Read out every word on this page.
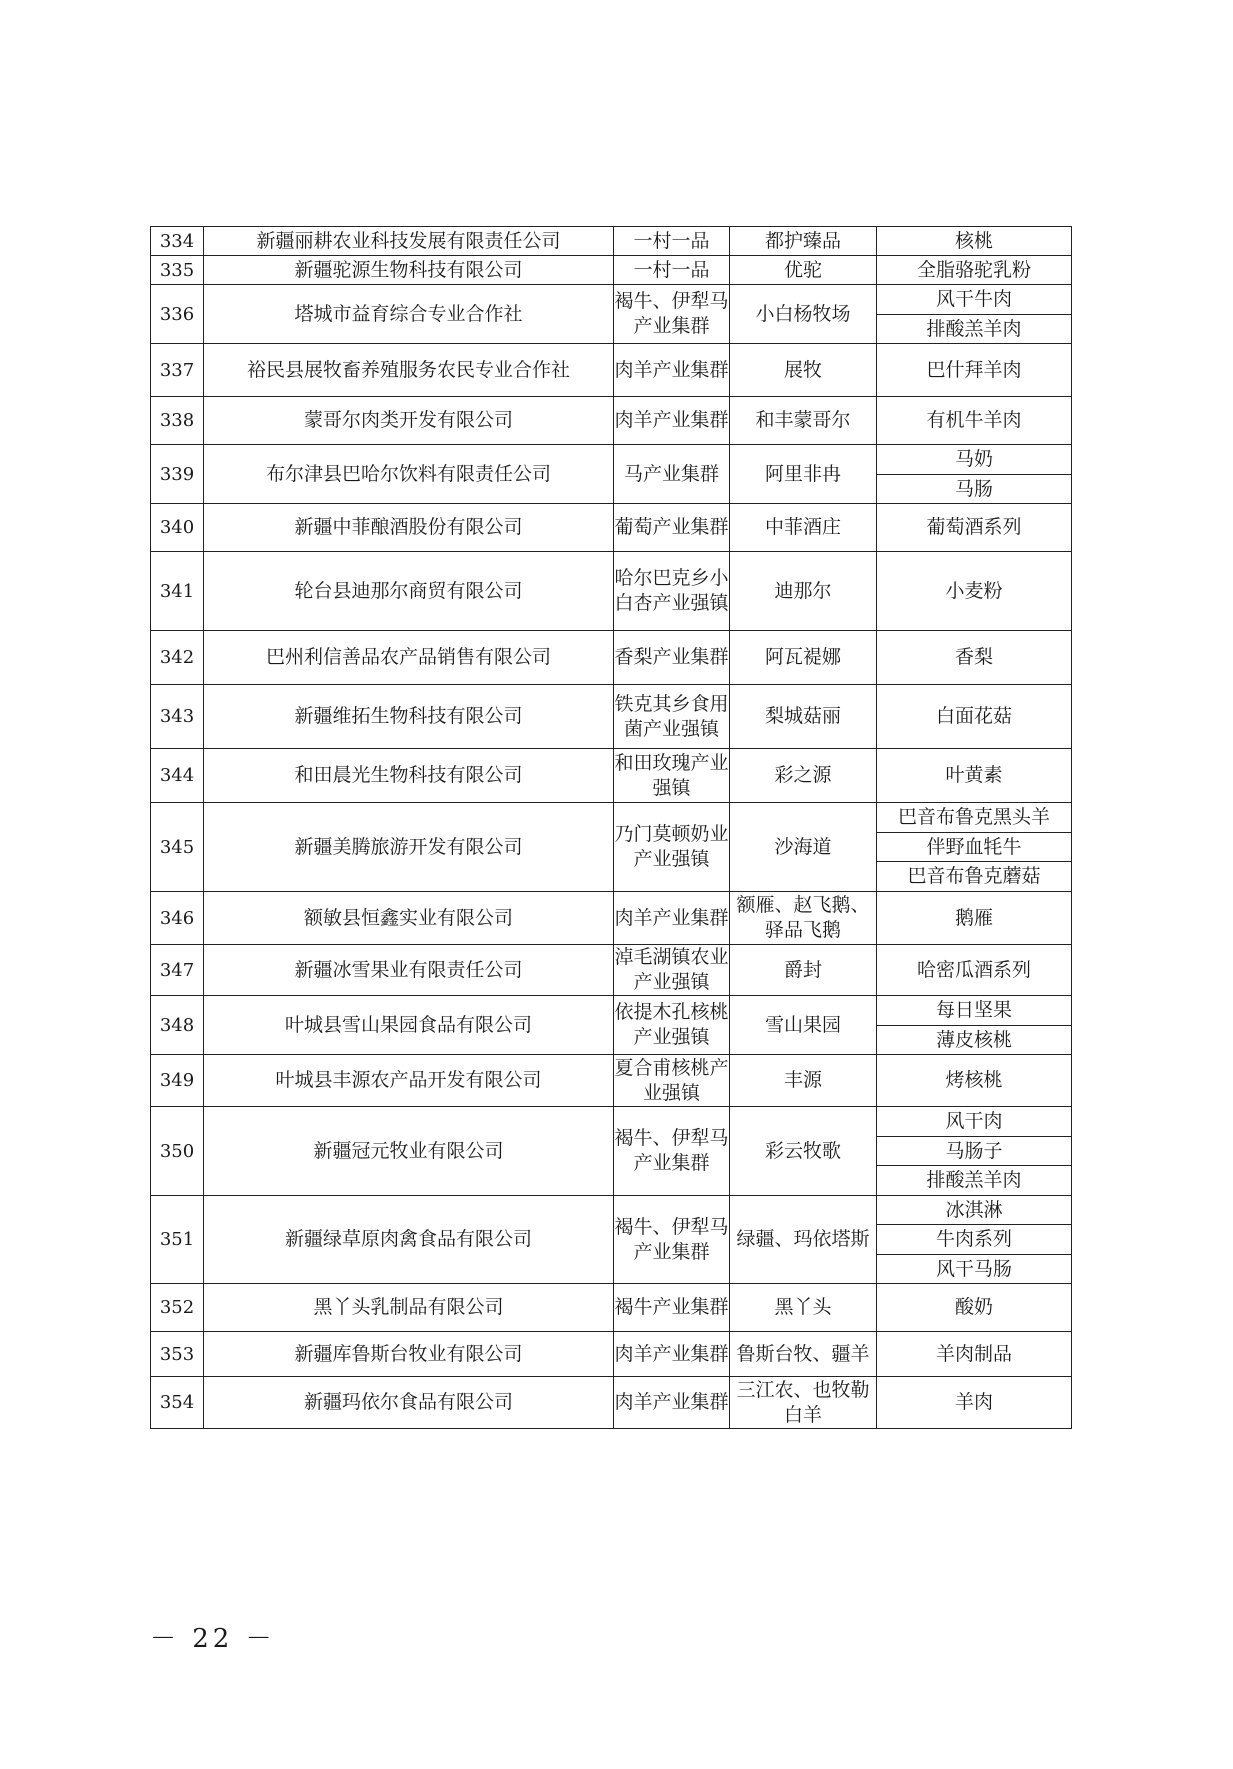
334	新疆丽耕农业科技发展有限责任公司	一村一品	都护臻品	核桃
335	新疆驼源生物科技有限公司	一村一品	优驼	全脂骆驼乳粉
336	塔城市益育综合专业合作社	褐牛、伊犁马产业集群	小白杨牧场	风干牛肉
				排酸羔羊肉
337	裕民县展牧畜养殖服务农民专业合作社	肉羊产业集群	展牧	巴什拜羊肉
338	蒙哥尔肉类开发有限公司	肉羊产业集群	和丰蒙哥尔	有机牛羊肉
339	布尔津县巴哈尔饮料有限责任公司	马产业集群	阿里非冉	马奶
				马肠
340	新疆中菲酿酒股份有限公司	葡萄产业集群	中菲酒庄	葡萄酒系列
341	轮台县迪那尔商贸有限公司	哈尔巴克乡小白杏产业强镇	迪那尔	小麦粉
342	巴州利信善品农产品销售有限公司	香梨产业集群	阿瓦褆娜	香梨
343	新疆维拓生物科技有限公司	铁克其乡食用菌产业强镇	梨城菇丽	白面花菇
344	和田晨光生物科技有限公司	和田玫瑰产业强镇	彩之源	叶黄素
345	新疆美腾旅游开发有限公司	乃门莫顿奶业产业强镇	沙海道	巴音布鲁克黑头羊
				伴野血牦牛
				巴音布鲁克蘑菇
346	额敏县恒鑫实业有限公司	肉羊产业集群	额雁、赵飞鹅、驿品飞鹅	鹅雁
347	新疆冰雪果业有限责任公司	淖毛湖镇农业产业强镇	爵封	哈密瓜酒系列
348	叶城县雪山果园食品有限公司	依提木孔核桃产业强镇	雪山果园	每日坚果
				薄皮核桃
349	叶城县丰源农产品开发有限公司	夏合甫核桃产业强镇	丰源	烤核桃
350	新疆冠元牧业有限公司	褐牛、伊犁马产业集群	彩云牧歌	风干肉
				马肠子
				排酸羔羊肉
351	新疆绿草原肉禽食品有限公司	褐牛、伊犁马产业集群	绿疆、玛依塔斯	冰淇淋
				牛肉系列
				风干马肠
352	黑丫头乳制品有限公司	褐牛产业集群	黑丫头	酸奶
353	新疆库鲁斯台牧业有限公司	肉羊产业集群	鲁斯台牧、疆羊	羊肉制品
354	新疆玛依尔食品有限公司	肉羊产业集群	三江农、也牧勒白羊	羊肉
－ 22 －
